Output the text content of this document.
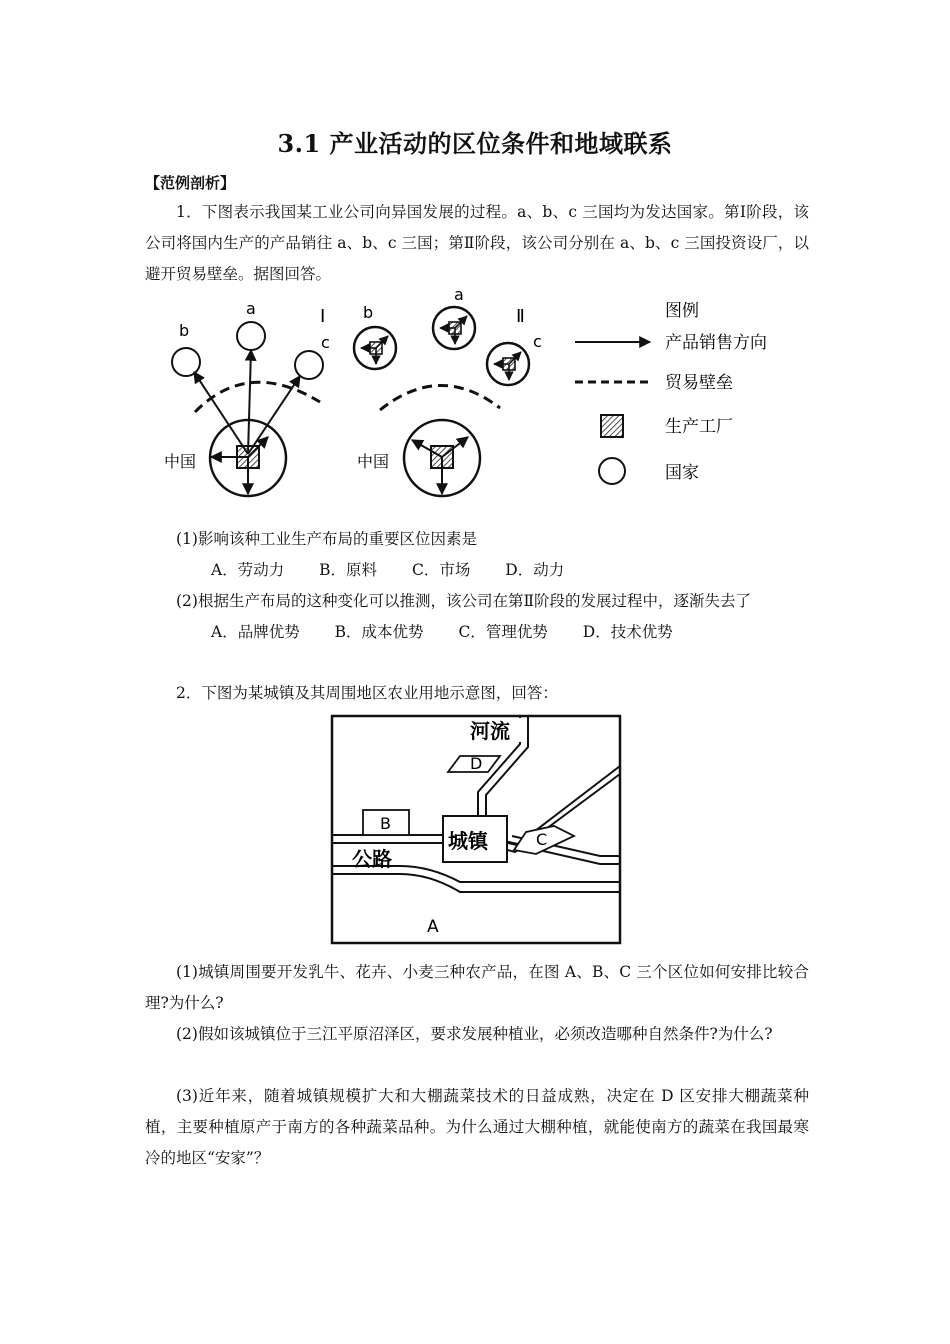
3.1 产业活动的区位条件和地域联系
【范例剖析】
1．下图表示我国某工业公司向异国发展的过程。a、b、c 三国均为发达国家。第Ⅰ阶段，该公司将国内生产的产品销往 a、b、c 三国；第Ⅱ阶段，该公司分别在 a、b、c 三国投资设厂，以避开贸易壁垒。据图回答。
Ⅰ
b
a
c
中国
Ⅱ
b
a
c
中国
图例
产品销售方向
贸易壁垒
生产工厂
国家
(1)影响该种工业生产布局的重要区位因素是
A．劳动力 B．原料 C．市场 D．动力
(2)根据生产布局的这种变化可以推测，该公司在第Ⅱ阶段的发展过程中，逐渐失去了
A．品牌优势 B．成本优势 C．管理优势 D．技术优势
2．下图为某城镇及其周围地区农业用地示意图，回答：
河流
D
B
城镇	C
公路
A
(1)城镇周围要开发乳牛、花卉、小麦三种农产品，在图 A、B、C 三个区位如何安排比较合理?为什么?
(2)假如该城镇位于三江平原沼泽区，要求发展种植业，必须改造哪种自然条件?为什么?
(3)近年来，随着城镇规模扩大和大棚蔬菜技术的日益成熟，决定在 D 区安排大棚蔬菜种植，主要种植原产于南方的各种蔬菜品种。为什么通过大棚种植，就能使南方的蔬菜在我国最寒冷的地区“安家”？
